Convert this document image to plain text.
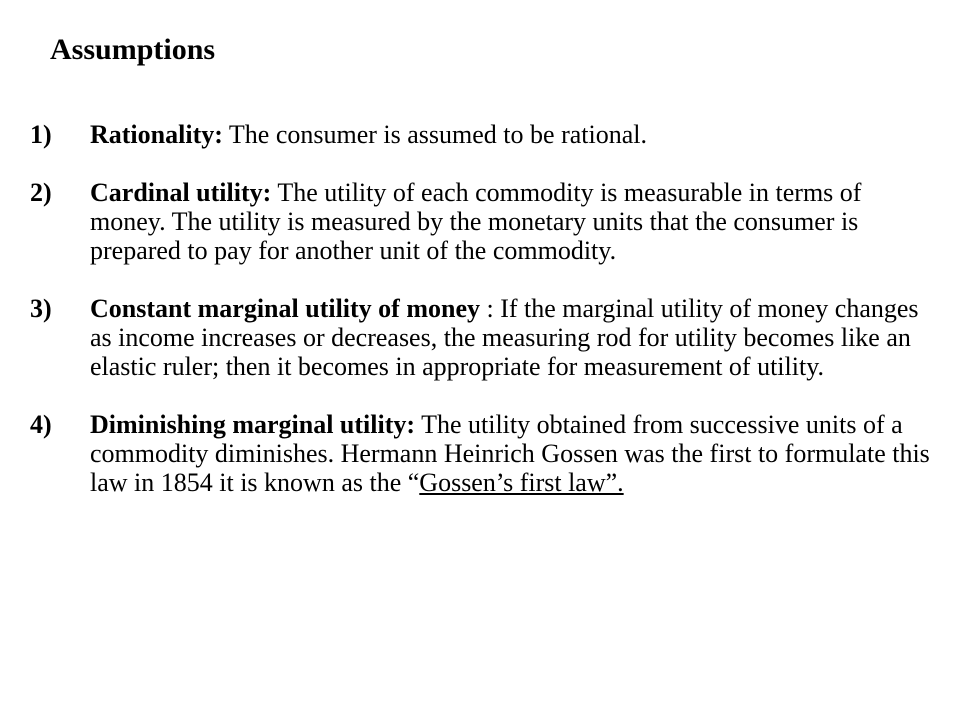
Assumptions
1) Rationality: The consumer is assumed to be rational.
2) Cardinal utility: The utility of each commodity is measurable in terms of money. The utility is measured by the monetary units that the consumer is prepared to pay for another unit of the commodity.
3) Constant marginal utility of money : If the marginal utility of money changes as income increases or decreases, the measuring rod for utility becomes like an elastic ruler; then it becomes in appropriate for measurement of utility.
4) Diminishing marginal utility: The utility obtained from successive units of a commodity diminishes. Hermann Heinrich Gossen was the first to formulate this law in 1854 it is known as the “Gossen’s first law”.
